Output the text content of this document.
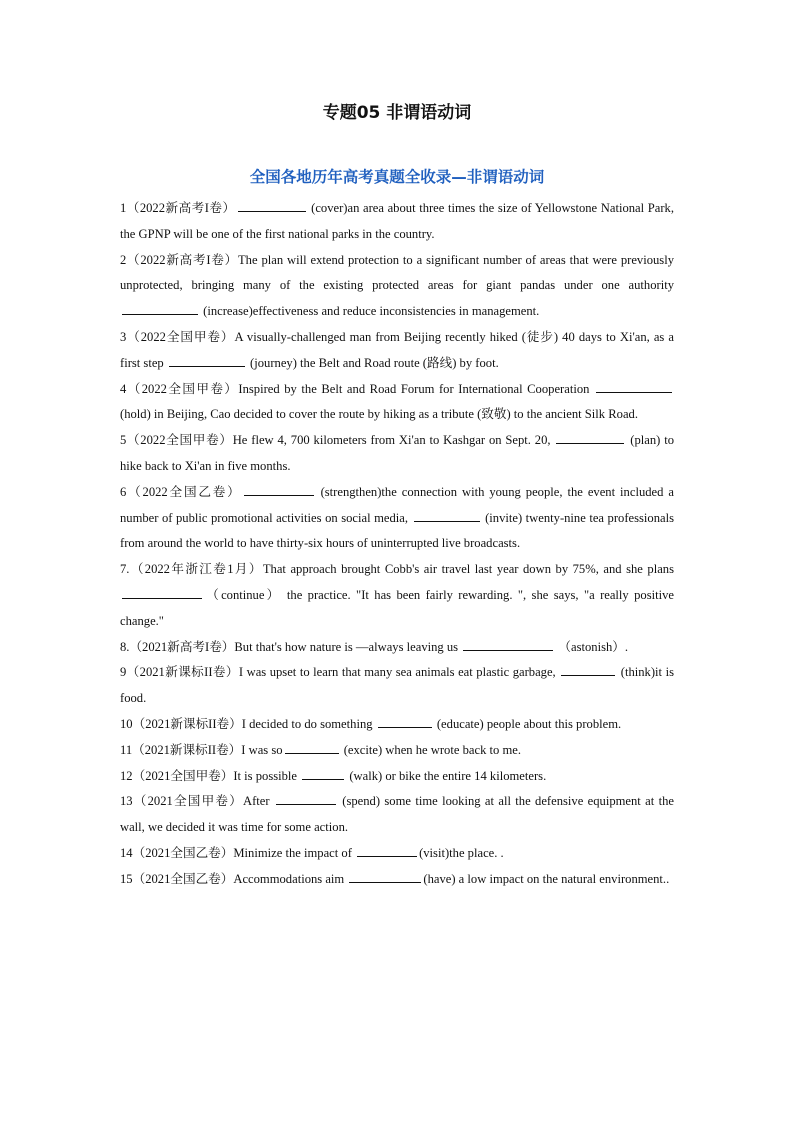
专题05 非谓语动词
全国各地历年高考真题全收录—非谓语动词

1（2022新高考I卷）	(cover)an area about three times the size of Yellowstone National Park, the GPNP will be one of the first national parks in the country.

2（2022新高考I卷）The plan will extend protection to a significant number of areas that were previously unprotected, bringing many of the existing protected areas for giant pandas under one authority  (increase)effectiveness and reduce inconsistencies in management.

3（2022全国甲卷）A visually-challenged man from Beijing recently hiked (徒步) 40 days to Xi'an, as a first step	(journey) the Belt and Road route (路线) by foot.

4（2022全国甲卷）Inspired by the Belt and Road Forum for International Cooperation  (hold) in Beijing, Cao decided to cover the route by hiking as a tribute (致敬) to the ancient Silk Road.

5（2022全国甲卷）He flew 4, 700 kilometers from Xi'an to Kashgar on Sept. 20,	(plan) to hike back to Xi'an in five months.

6（2022全国乙卷）	(strengthen)the connection with young people, the event included a number of public promotional activities on social media,	(invite) twenty-nine tea professionals from around the world to have thirty-six hours of uninterrupted live broadcasts.

7.（2022年浙江卷1月）That approach brought Cobb's air travel last year down by 75%, and she plans （continue） the practice. "It has been fairly rewarding. ", she says, "a really positive change."

8.（2021新高考I卷）But that's how nature is —always leaving us	（astonish）.

9（2021新课标II卷）I was upset to learn that many sea animals eat plastic garbage,	(think)it is food.

10（2021新课标II卷）I decided to do something	(educate) people about this problem.

11（2021新课标II卷）I was so	(excite) when he wrote back to me.

12（2021全国甲卷）It is possible	(walk) or bike the entire 14 kilometers.

13（2021全国甲卷）After	(spend) some time looking at all the defensive equipment at the wall, we decided it was time for some action.

14（2021全国乙卷）Minimize the impact of	(visit)the place. .

15（2021全国乙卷）Accommodations aim	(have) a low impact on the natural environment..
